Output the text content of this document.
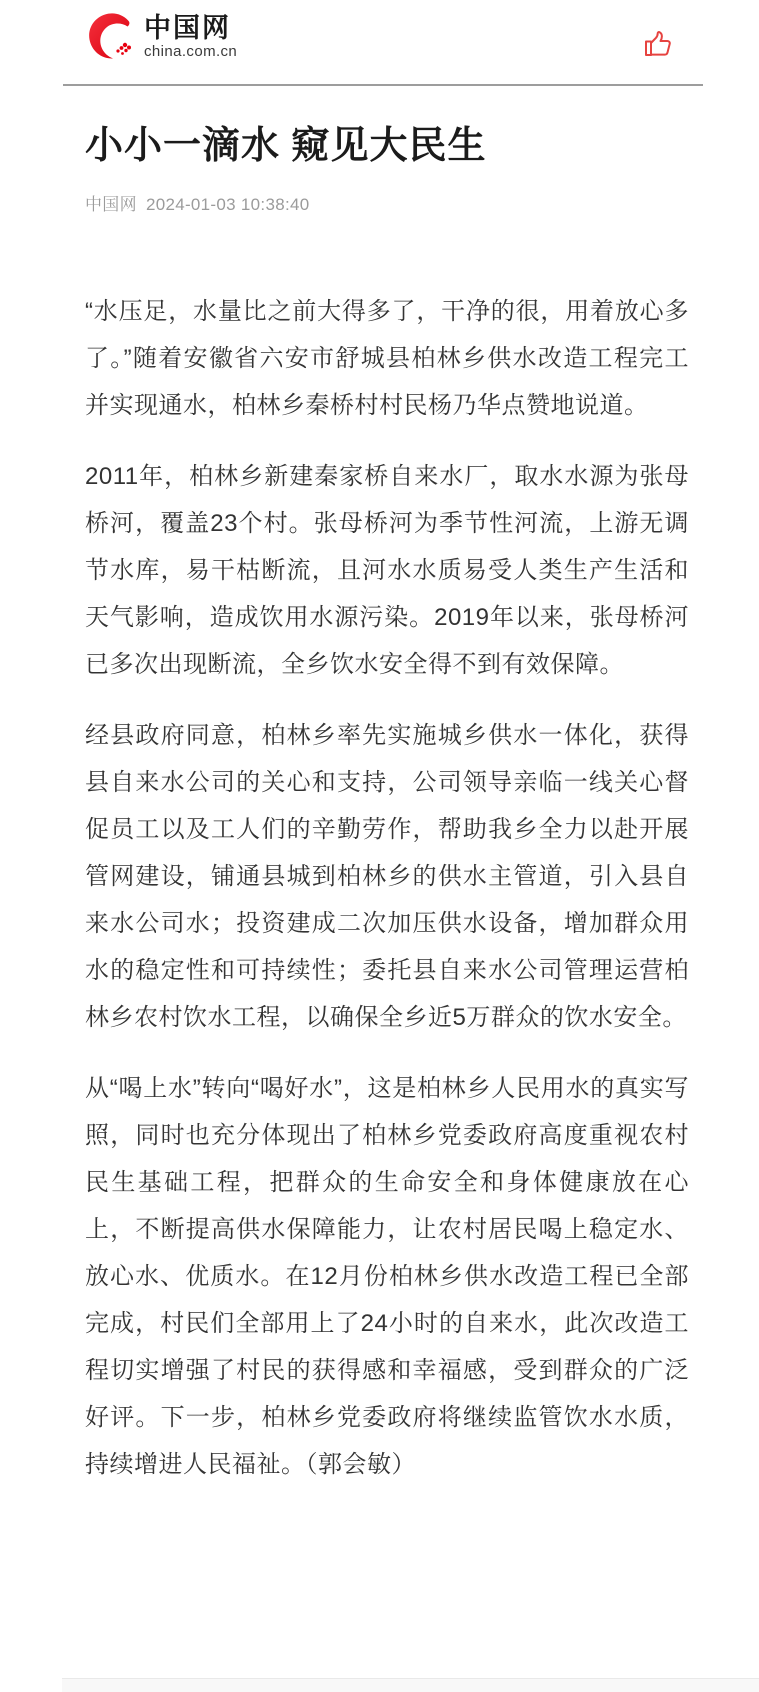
中国网
china.com.cn
小小一滴水 窥见大民生
中国网 2024-01-03 10:38:40

“水压足，水量比之前大得多了，干净的很，用着放心多了。”随着安徽省六安市舒城县柏林乡供水改造工程完工并实现通水，柏林乡秦桥村村民杨乃华点赞地说道。

2011年，柏林乡新建秦家桥自来水厂，取水水源为张母桥河，覆盖23个村。张母桥河为季节性河流，上游无调节水库，易干枯断流，且河水水质易受人类生产生活和天气影响，造成饮用水源污染。2019年以来，张母桥河已多次出现断流，全乡饮水安全得不到有效保障。

经县政府同意，柏林乡率先实施城乡供水一体化，获得县自来水公司的关心和支持，公司领导亲临一线关心督促员工以及工人们的辛勤劳作，帮助我乡全力以赴开展管网建设，铺通县城到柏林乡的供水主管道，引入县自来水公司水；投资建成二次加压供水设备，增加群众用水的稳定性和可持续性；委托县自来水公司管理运营柏林乡农村饮水工程，以确保全乡近5万群众的饮水安全。

从“喝上水”转向“喝好水”，这是柏林乡人民用水的真实写照，同时也充分体现出了柏林乡党委政府高度重视农村民生基础工程，把群众的生命安全和身体健康放在心上，不断提高供水保障能力，让农村居民喝上稳定水、放心水、优质水。在12月份柏林乡供水改造工程已全部完成，村民们全部用上了24小时的自来水，此次改造工程切实增强了村民的获得感和幸福感，受到群众的广泛好评。下一步，柏林乡党委政府将继续监管饮水水质，持续增进人民福祉。（郭会敏）
